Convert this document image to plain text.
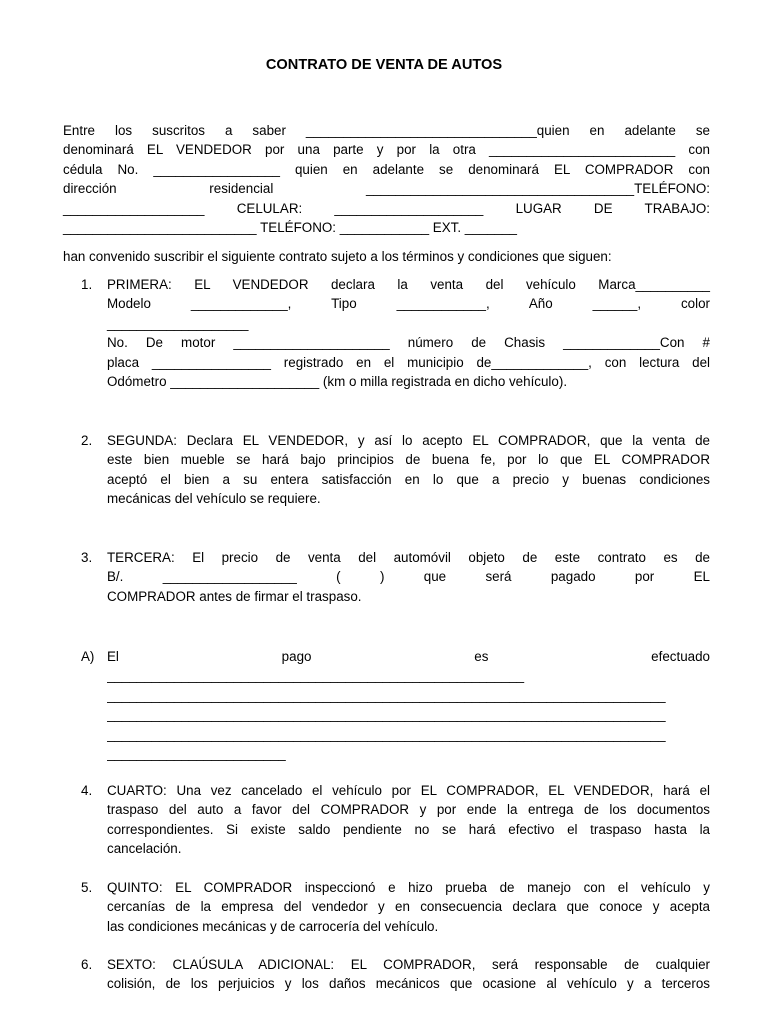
CONTRATO DE VENTA DE AUTOS
Entre los suscritos a saber _______________________________quien en adelante se
denominará EL VENDEDOR por una parte y por la otra _________________________ con
cédula No. _________________ quien en adelante se denominará EL COMPRADOR con
dirección residencial ____________________________________TELÉFONO:
___________________ CELULAR: ____________________ LUGAR DE TRABAJO:
__________________________ TELÉFONO: ____________ EXT. _______
han convenido suscribir el siguiente contrato sujeto a los términos y condiciones que siguen:
1.	PRIMERA: EL VENDEDOR declara la venta del vehículo Marca__________
Modelo _____________, Tipo ____________, Año ______, color
___________________
No. De motor _____________________ número de Chasis _____________Con #
placa ________________ registrado en el municipio de_____________, con lectura del
Odómetro ____________________ (km o milla registrada en dicho vehículo).
2.	SEGUNDA: Declara EL VENDEDOR, y así lo acepto EL COMPRADOR, que la venta de
este bien mueble se hará bajo principios de buena fe, por lo que EL COMPRADOR
aceptó el bien a su entera satisfacción en lo que a precio y buenas condiciones
mecánicas del vehículo se requiere.
3.	TERCERA: El precio de venta del automóvil objeto de este contrato es de
B/. __________________ ( ) que será pagado por EL
COMPRADOR antes de firmar el traspaso.
A) El pago es efectuado
________________________________________________________
___________________________________________________________________________
___________________________________________________________________________
___________________________________________________________________________
________________________
4.	CUARTO: Una vez cancelado el vehículo por EL COMPRADOR, EL VENDEDOR, hará el
traspaso del auto a favor del COMPRADOR y por ende la entrega de los documentos
correspondientes. Si existe saldo pendiente no se hará efectivo el traspaso hasta la
cancelación.
5.	QUINTO: EL COMPRADOR inspeccionó e hizo prueba de manejo con el vehículo y
cercanías de la empresa del vendedor y en consecuencia declara que conoce y acepta
las condiciones mecánicas y de carrocería del vehículo.
6.	SEXTO: CLAÚSULA ADICIONAL: EL COMPRADOR, será responsable de cualquier
colisión, de los perjuicios y los daños mecánicos que ocasione al vehículo y a terceros
